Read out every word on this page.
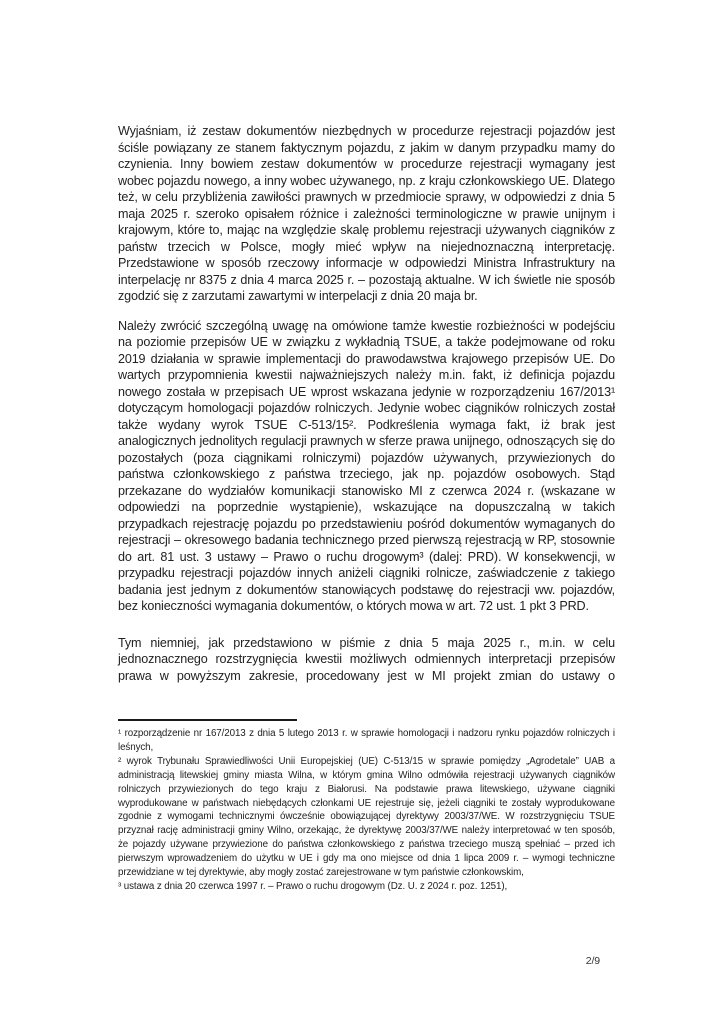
Wyjaśniam, iż zestaw dokumentów niezbędnych w procedurze rejestracji pojazdów jest ściśle powiązany ze stanem faktycznym pojazdu, z jakim w danym przypadku mamy do czynienia. Inny bowiem zestaw dokumentów w procedurze rejestracji wymagany jest wobec pojazdu nowego, a inny wobec używanego, np. z kraju członkowskiego UE. Dlatego też, w celu przybliżenia zawiłości prawnych w przedmiocie sprawy, w odpowiedzi z dnia 5 maja 2025 r. szeroko opisałem różnice i zależności terminologiczne w prawie unijnym i krajowym, które to, mając na względzie skalę problemu rejestracji używanych ciągników z państw trzecich w Polsce, mogły mieć wpływ na niejednoznaczną interpretację. Przedstawione w sposób rzeczowy informacje w odpowiedzi Ministra Infrastruktury na interpelację nr 8375 z dnia 4 marca 2025 r. – pozostają aktualne. W ich świetle nie sposób zgodzić się z zarzutami zawartymi w interpelacji z dnia 20 maja br.

Należy zwrócić szczególną uwagę na omówione tamże kwestie rozbieżności w podejściu na poziomie przepisów UE w związku z wykładnią TSUE, a także podejmowane od roku 2019 działania w sprawie implementacji do prawodawstwa krajowego przepisów UE. Do wartych przypomnienia kwestii najważniejszych należy m.in. fakt, iż definicja pojazdu nowego została w przepisach UE wprost wskazana jedynie w rozporządzeniu 167/2013¹ dotyczącym homologacji pojazdów rolniczych. Jedynie wobec ciągników rolniczych został także wydany wyrok TSUE C-513/15². Podkreślenia wymaga fakt, iż brak jest analogicznych jednolitych regulacji prawnych w sferze prawa unijnego, odnoszących się do pozostałych (poza ciągnikami rolniczymi) pojazdów używanych, przywiezionych do państwa członkowskiego z państwa trzeciego, jak np. pojazdów osobowych. Stąd przekazane do wydziałów komunikacji stanowisko MI z czerwca 2024 r. (wskazane w odpowiedzi na poprzednie wystąpienie), wskazujące na dopuszczalną w takich przypadkach rejestrację pojazdu po przedstawieniu pośród dokumentów wymaganych do rejestracji – okresowego badania technicznego przed pierwszą rejestracją w RP, stosownie do art. 81 ust. 3 ustawy – Prawo o ruchu drogowym³ (dalej: PRD). W konsekwencji, w przypadku rejestracji pojazdów innych aniżeli ciągniki rolnicze, zaświadczenie z takiego badania jest jednym z dokumentów stanowiących podstawę do rejestracji ww. pojazdów, bez konieczności wymagania dokumentów, o których mowa w art. 72 ust. 1 pkt 3 PRD.

Tym niemniej, jak przedstawiono w piśmie z dnia 5 maja 2025 r., m.in. w celu jednoznacznego rozstrzygnięcia kwestii możliwych odmiennych interpretacji przepisów prawa w powyższym zakresie, procedowany jest w MI projekt zmian do ustawy o

¹ rozporządzenie nr 167/2013 z dnia 5 lutego 2013 r. w sprawie homologacji i nadzoru rynku pojazdów rolniczych i leśnych,

² wyrok Trybunału Sprawiedliwości Unii Europejskiej (UE) C-513/15 w sprawie pomiędzy „Agrodetale” UAB a administracją litewskiej gminy miasta Wilna, w którym gmina Wilno odmówiła rejestracji używanych ciągników rolniczych przywiezionych do tego kraju z Białorusi. Na podstawie prawa litewskiego, używane ciągniki wyprodukowane w państwach niebędących członkami UE rejestruje się, jeżeli ciągniki te zostały wyprodukowane zgodnie z wymogami technicznymi ówcześnie obowiązującej dyrektywy 2003/37/WE. W rozstrzygnięciu TSUE przyznał rację administracji gminy Wilno, orzekając, że dyrektywę 2003/37/WE należy interpretować w ten sposób, że pojazdy używane przywiezione do państwa członkowskiego z państwa trzeciego muszą spełniać – przed ich pierwszym wprowadzeniem do użytku w UE i gdy ma ono miejsce od dnia 1 lipca 2009 r. – wymogi techniczne przewidziane w tej dyrektywie, aby mogły zostać zarejestrowane w tym państwie członkowskim,

³ ustawa z dnia 20 czerwca 1997 r. – Prawo o ruchu drogowym (Dz. U. z 2024 r. poz. 1251),

2/9
